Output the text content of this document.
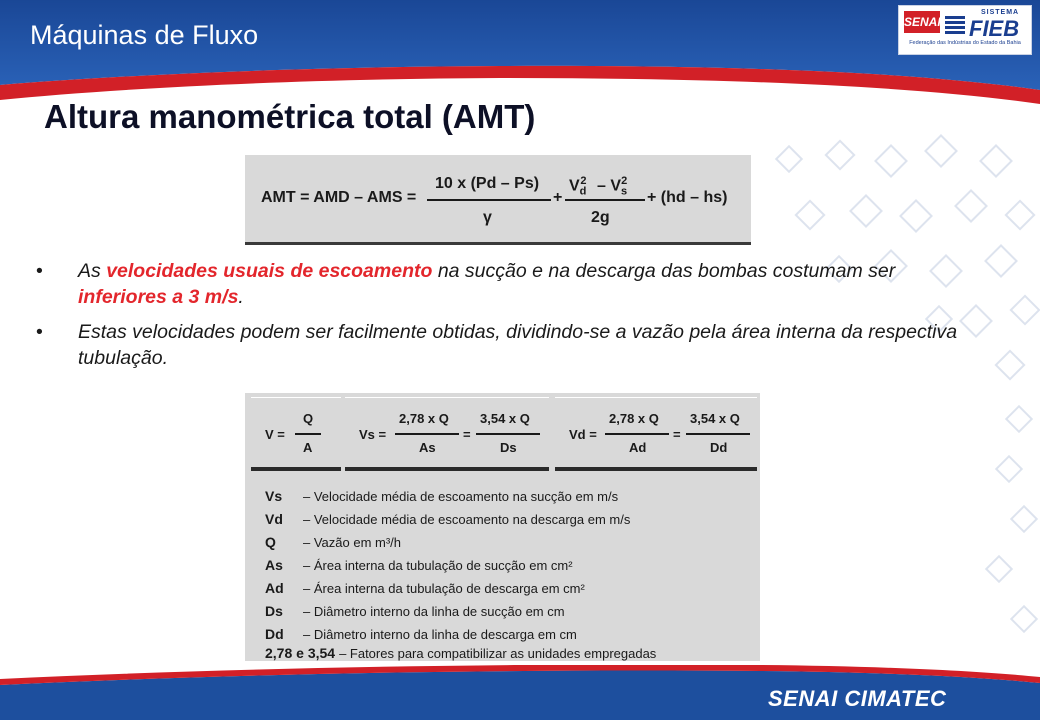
Máquinas de Fluxo	SENAI
SISTEMA
FIEB
Federação das Indústrias do Estado da Bahia
Altura manométrica total (AMT)
AMT = AMD – AMS =
10 x (Pd – Ps)
γ
+
$V_d^2 - V_s^2$
2g
+ (hd – hs)
• As velocidades usuais de escoamento na sucção e na descarga das bombas costumam ser inferiores a 3 m/s.
• Estas velocidades podem ser facilmente obtidas, dividindo-se a vazão pela área interna da respectiva tubulação.
V =
Q
A
Vs =
2,78 x Q
As
=
3,54 x Q
Ds
Vd =
2,78 x Q
Ad
=
3,54 x Q
Dd
Vs – Velocidade média de escoamento na sucção em m/s
Vd – Velocidade média de escoamento na descarga em m/s
Q – Vazão em m³/h
As – Área interna da tubulação de sucção em cm²
Ad – Área interna da tubulação de descarga em cm²
Ds – Diâmetro interno da linha de sucção em cm
Dd – Diâmetro interno da linha de descarga em cm
2,78 e 3,54 – Fatores para compatibilizar as unidades empregadas
SENAI CIMATEC
